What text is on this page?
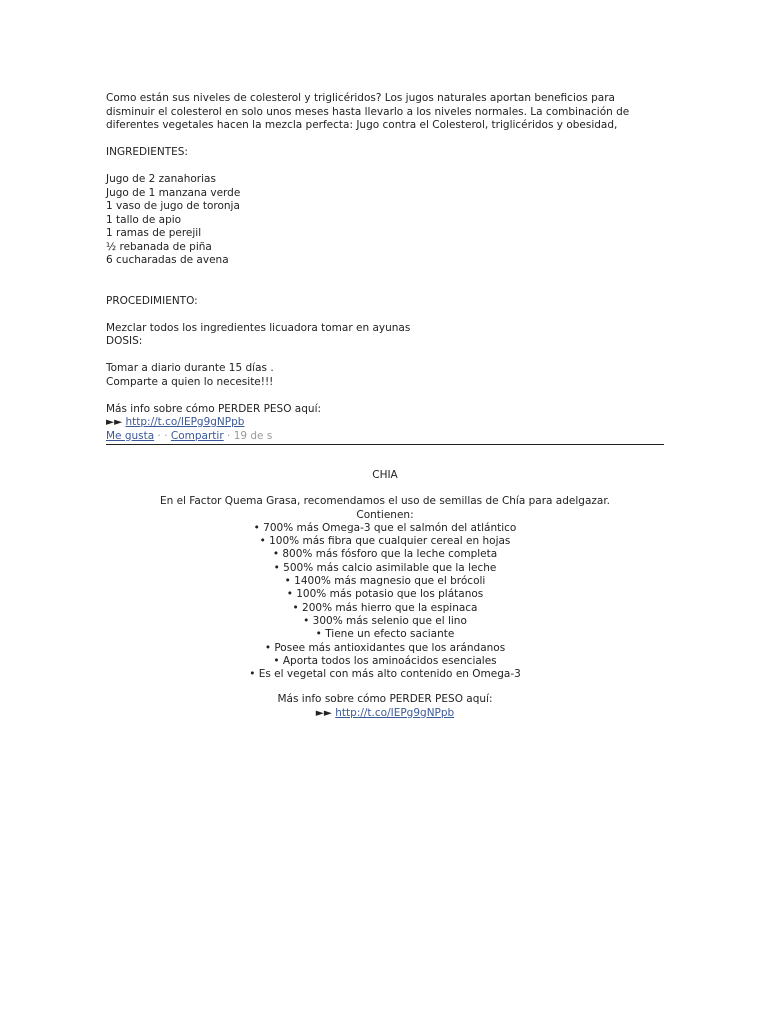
Como están sus niveles de colesterol y triglicéridos? Los jugos naturales aportan beneficios para disminuir el colesterol en solo unos meses hasta llevarlo a los niveles normales. La combinación de diferentes vegetales hacen la mezcla perfecta: Jugo contra el Colesterol, triglicéridos y obesidad,

INGREDIENTES:

Jugo de 2 zanahorias

Jugo de 1 manzana verde

1 vaso de jugo de toronja

1 tallo de apio

1 ramas de perejil

½ rebanada de piña

6 cucharadas de avena

PROCEDIMIENTO:

Mezclar todos los ingredientes licuadora tomar en ayunas

DOSIS:

Tomar a diario durante 15 días .

Comparte a quien lo necesite!!!

Más info sobre cómo PERDER PESO aquí:

►► http://t.co/IEPg9gNPpb

Me gusta · · Compartir · 19 de s

CHIA

En el Factor Quema Grasa, recomendamos el uso de semillas de Chía para adelgazar.

Contienen:

• 700% más Omega-3 que el salmón del atlántico
• 100% más fibra que cualquier cereal en hojas
• 800% más fósforo que la leche completa
• 500% más calcio asimilable que la leche
• 1400% más magnesio que el brócoli
• 100% más potasio que los plátanos
• 200% más hierro que la espinaca
• 300% más selenio que el lino
• Tiene un efecto saciante
• Posee más antioxidantes que los arándanos
• Aporta todos los aminoácidos esenciales
• Es el vegetal con más alto contenido en Omega-3

Más info sobre cómo PERDER PESO aquí:

►► http://t.co/IEPg9gNPpb
